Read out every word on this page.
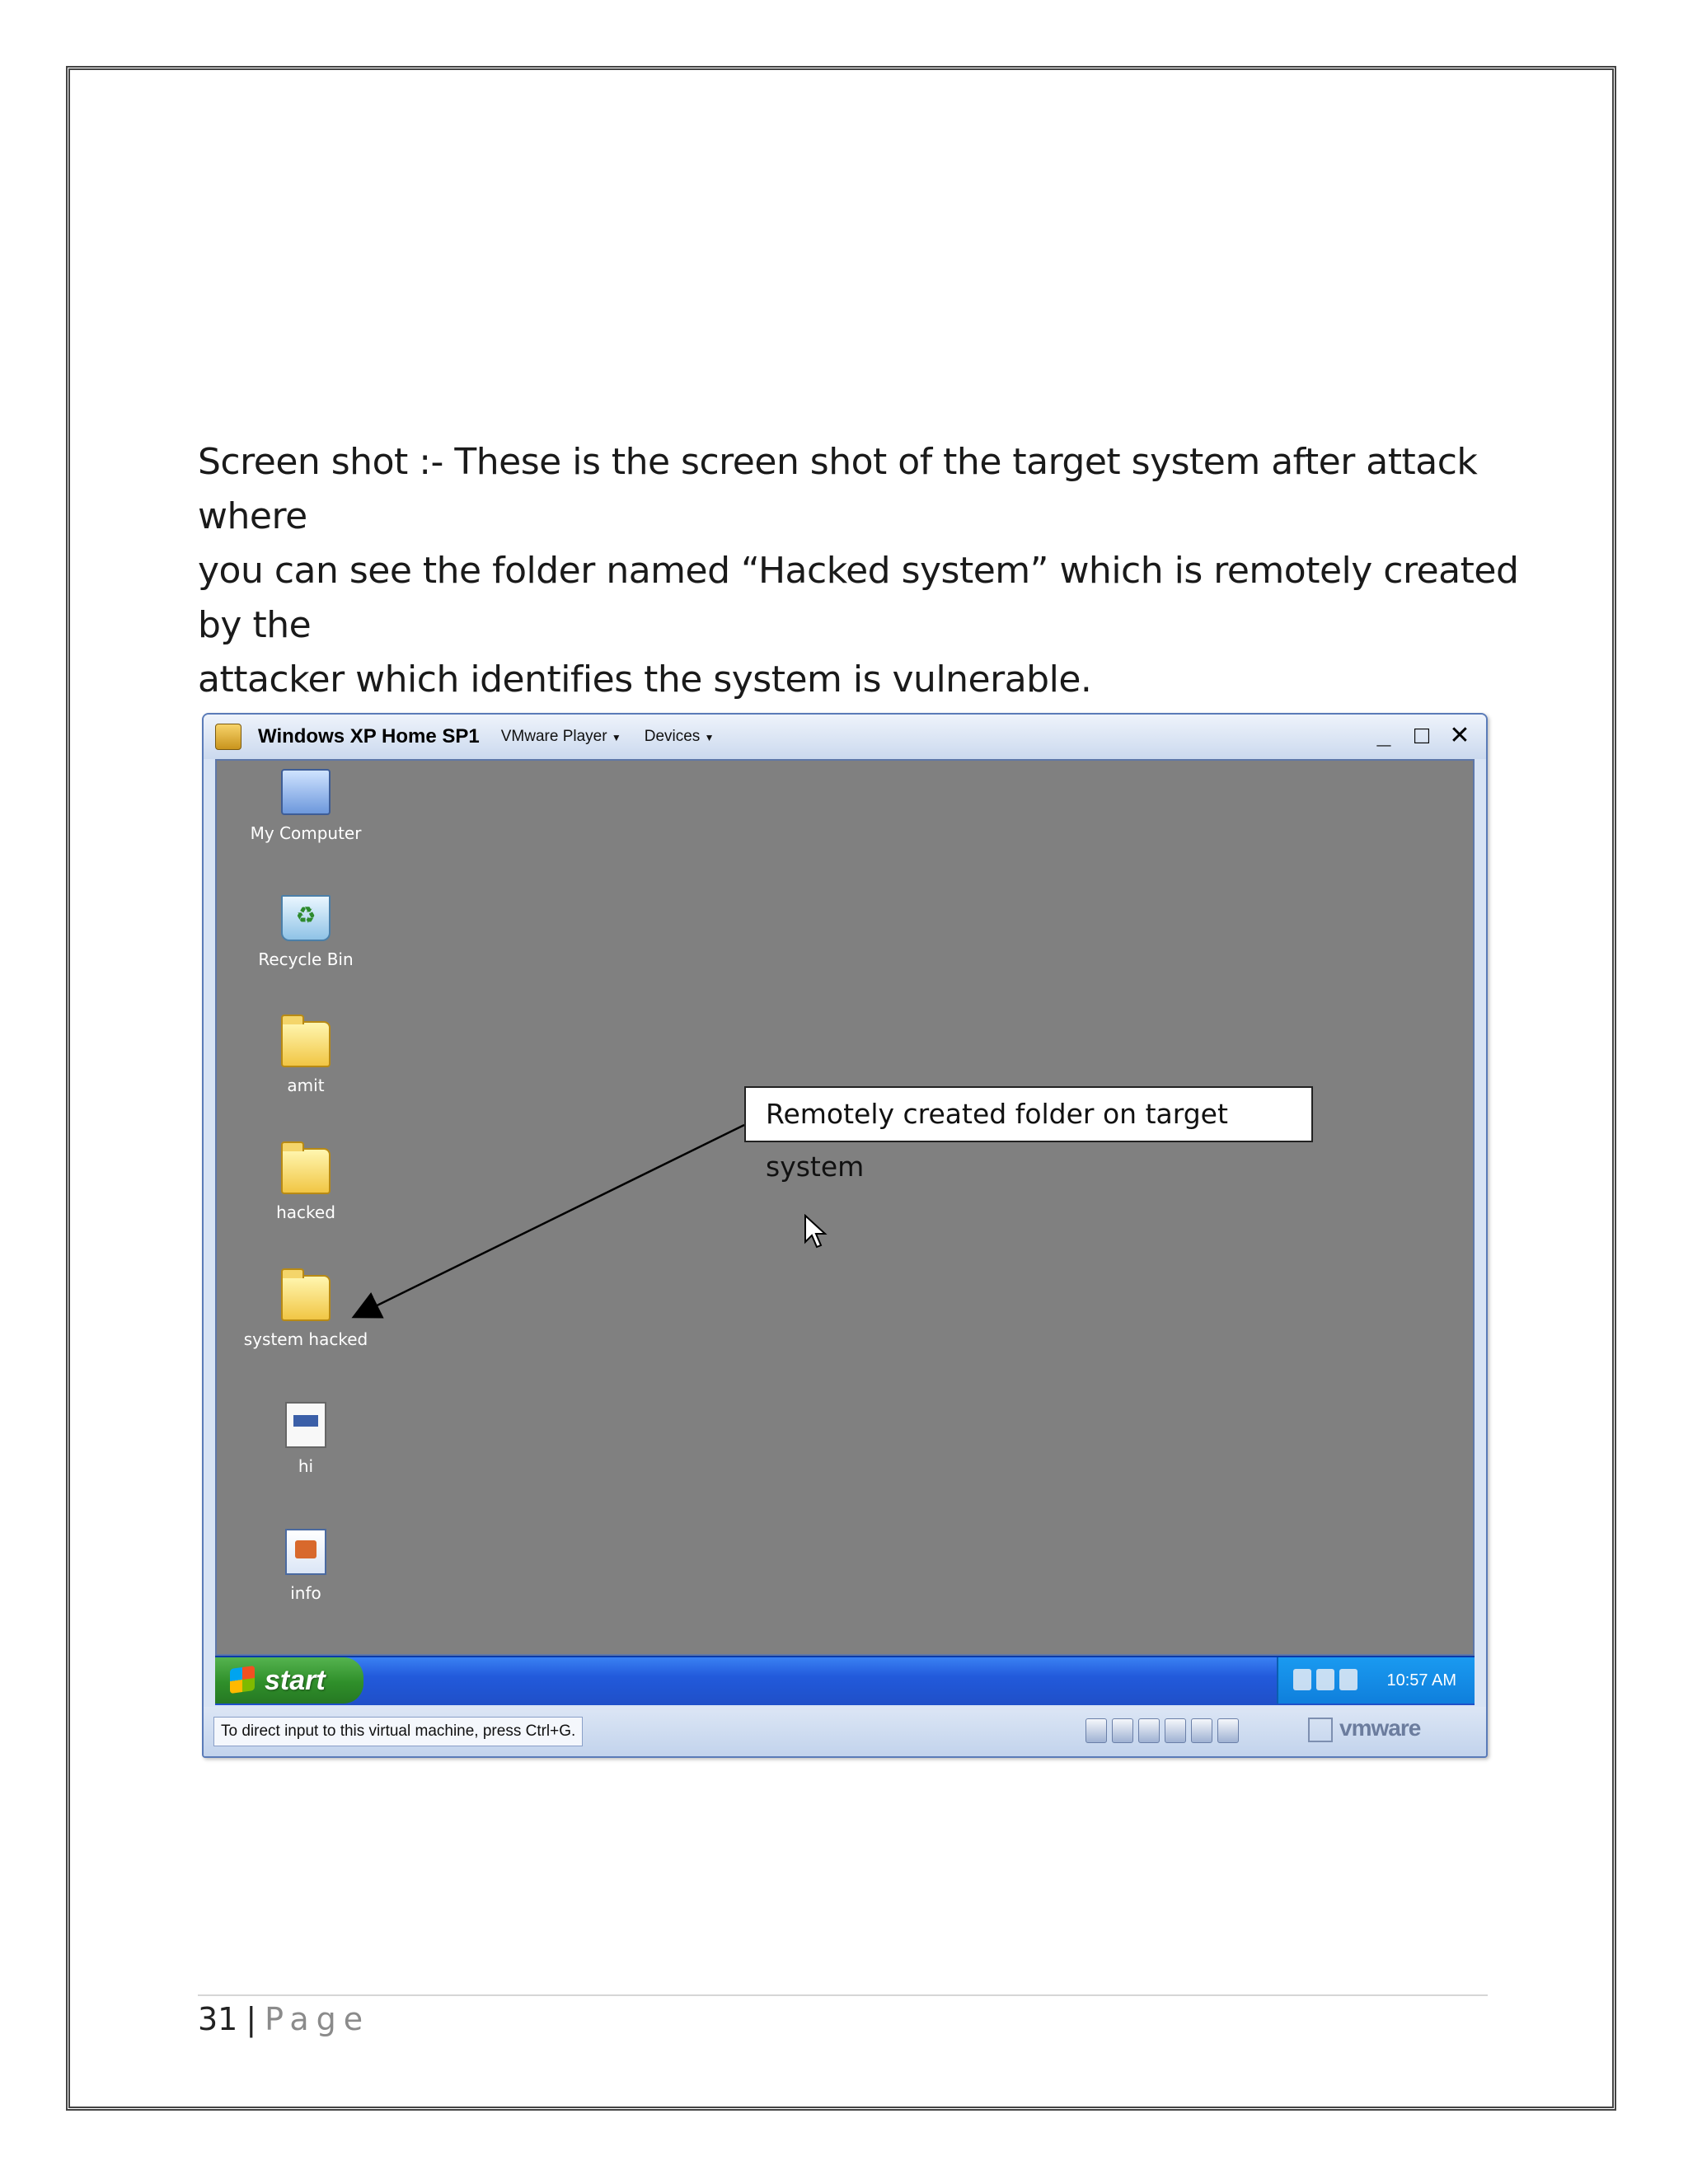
Screen shot :- These is the screen shot of the target system after attack where

you can see the folder named “Hacked system” which is remotely created by the

attacker which identifies the system is vulnerable.

Windows XP Home SP1 VMware Player ▼	Devices ▼	_ □ ✕
My Computer
♻
Recycle Bin
amit
hacked
system hacked
hi
info
Remotely created folder on target system
start	10:57 AM
To direct input to this virtual machine, press Ctrl+G.	vmware
31 | Page
